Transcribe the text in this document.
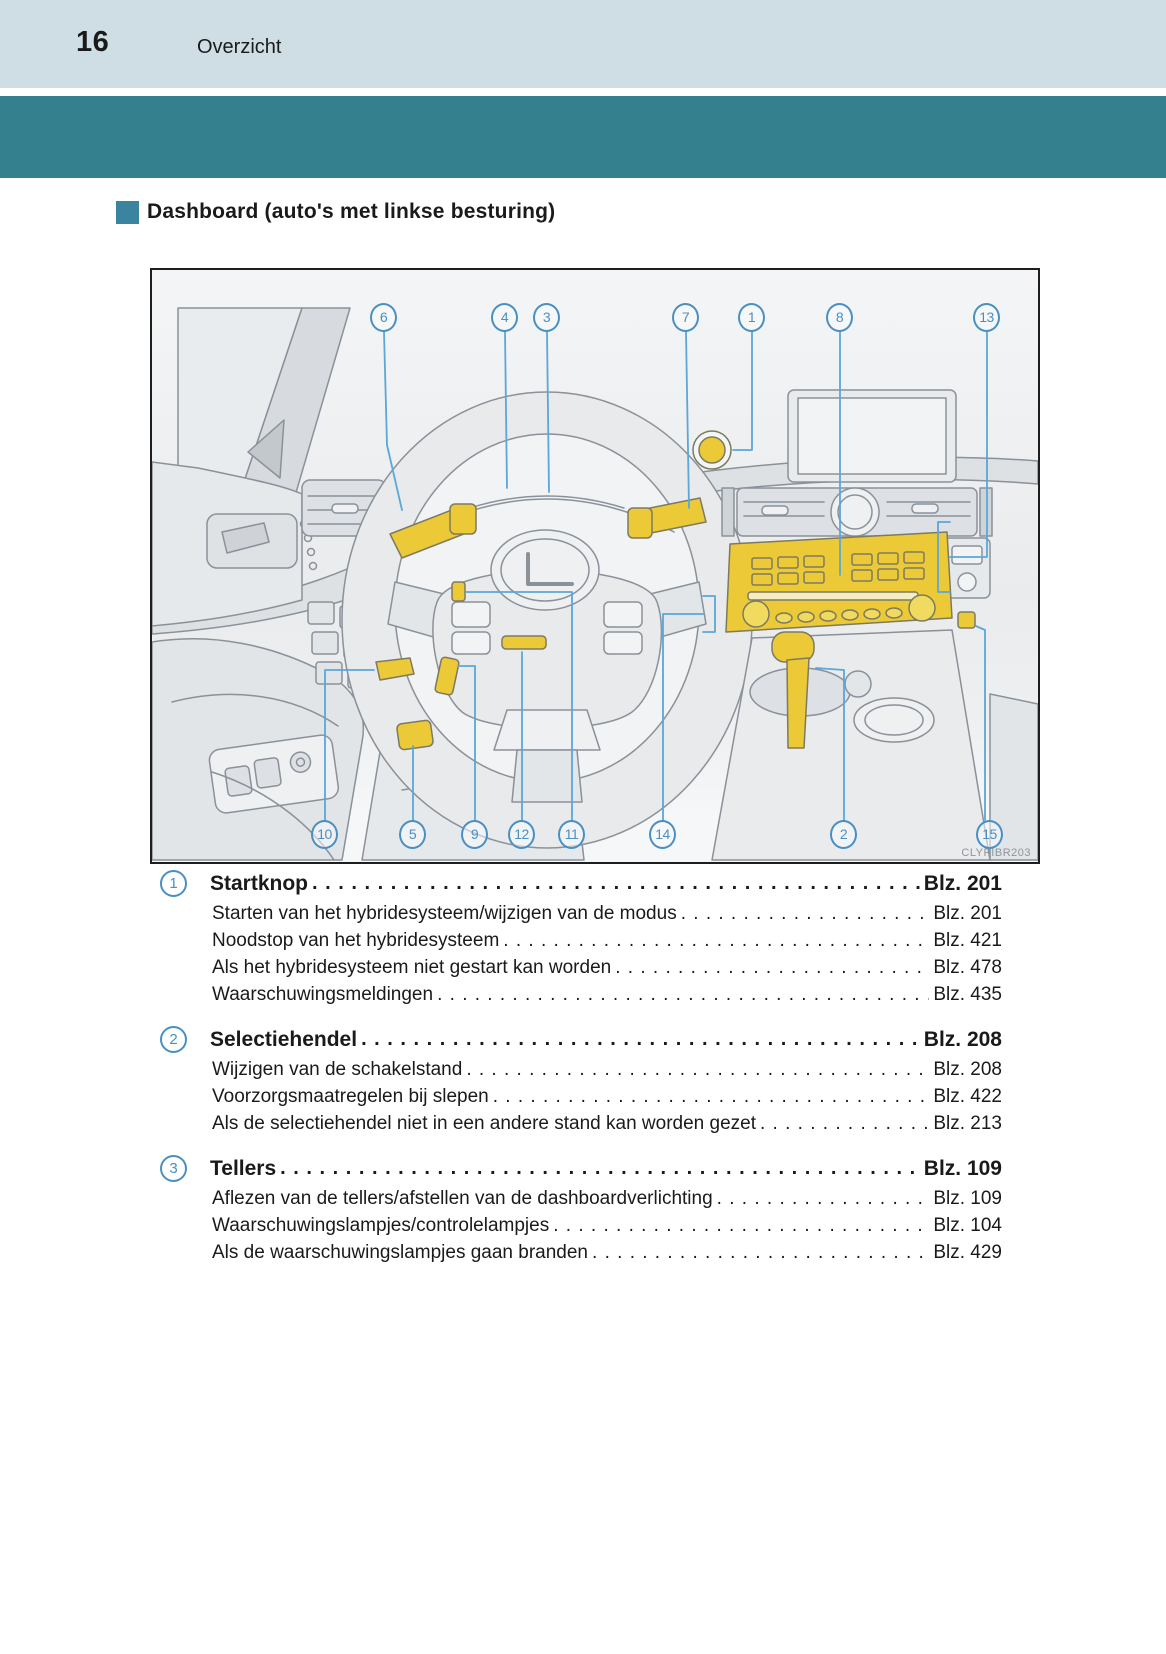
16	Overzicht
Dashboard (auto's met linkse besturing)
6	4	3	7	1	8	13
10	5	9	12	11	14	2	15
CLYPIBR203
1	Startknop . . .	Blz. 201
Starten van het hybridesysteem/wijzigen van de modus . . .	Blz. 201
Noodstop van het hybridesysteem . . .	Blz. 421
Als het hybridesysteem niet gestart kan worden . . .	Blz. 478
Waarschuwingsmeldingen . . .	Blz. 435
2	Selectiehendel . . .	Blz. 208
Wijzigen van de schakelstand . . .	Blz. 208
Voorzorgsmaatregelen bij slepen . . .	Blz. 422
Als de selectiehendel niet in een andere stand kan worden gezet . . .	Blz. 213
3	Tellers . . .	Blz. 109
Aflezen van de tellers/afstellen van de dashboardverlichting . . .	Blz. 109
Waarschuwingslampjes/controlelampjes . . .	Blz. 104
Als de waarschuwingslampjes gaan branden . . .	Blz. 429
